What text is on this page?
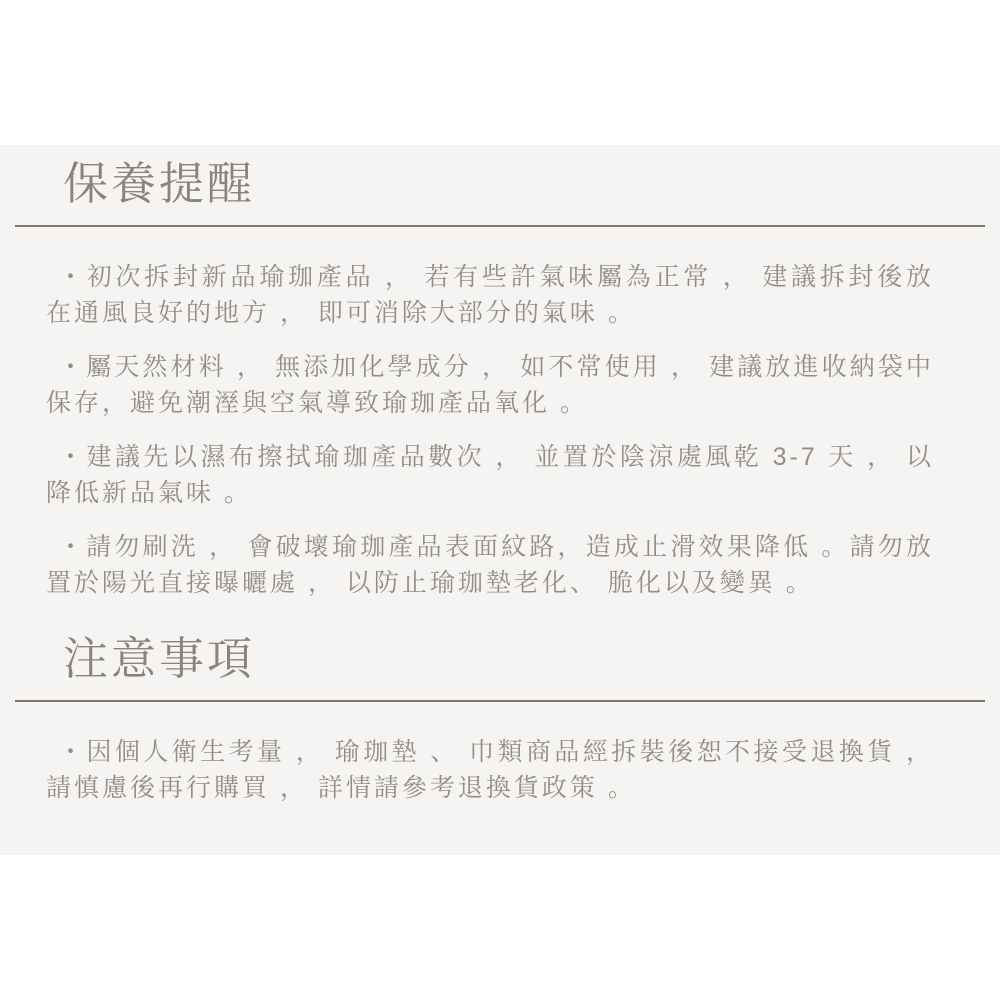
保養提醒

・初次拆封新品瑜珈產品 ， 若有些許氣味屬為正常 ， 建議拆封後放在通風良好的地方 ， 即可消除大部分的氣味 。

・屬天然材料 ， 無添加化學成分 ， 如不常使用 ， 建議放進收納袋中保存，避免潮溼與空氣導致瑜珈產品氧化 。

・建議先以濕布擦拭瑜珈產品數次 ， 並置於陰涼處風乾 3-7 天 ， 以降低新品氣味 。

・請勿刷洗 ， 會破壞瑜珈產品表面紋路，造成止滑效果降低 。請勿放置於陽光直接曝曬處 ， 以防止瑜珈墊老化、 脆化以及變異 。

注意事項

・因個人衛生考量 ， 瑜珈墊 、 巾類商品經拆裝後恕不接受退換貨 ， 請慎慮後再行購買 ， 詳情請參考退換貨政策 。
